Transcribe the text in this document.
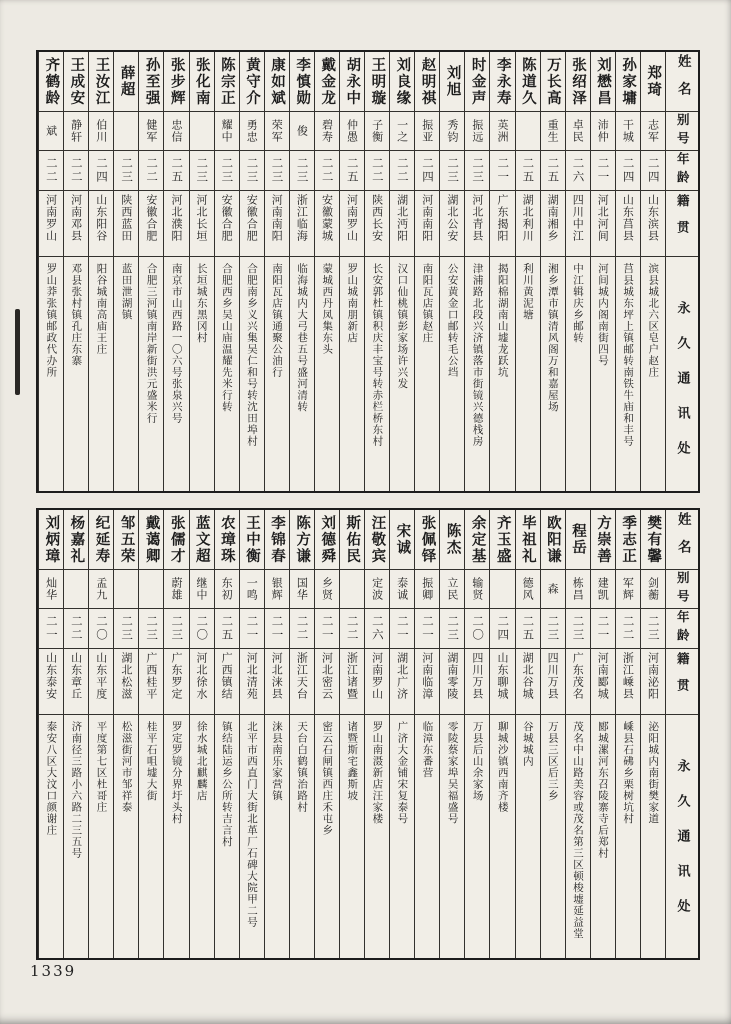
姓名
别号
年龄
籍贯
永久通讯处
郑琦
志军
二四
山东滨县
滨县城北六区皂户赵庄
孙家墉
干城
二四
山东莒县
莒县城东坪上镇邮转南铁牛庙和丰号
刘懋昌
沛仲
二一
河北河间
河间城内阁南街四号
张绍泽
卓民
二六
四川中江
中江辑庆乡邮转
万长高
重生
二五
湖南湘乡
湘乡潭市镇清风阁万和嘉屋场
陈道久
二五
湖北利川
利川黄泥塘
李永寿
英洲
二一
广东揭阳
揭阳棉湖南山墟龙跃坑
时金声
振远
二三
河北青县
津浦路北段兴济镇落市街镜兴德栈房
刘旭
秀钧
二三
湖北公安
公安黄金口邮转毛公垱
赵明祺
振亚
二四
河南南阳
南阳瓦店镇赵庄
刘良缘
一之
二二
湖北沔阳
汉口仙桃镇彭家场许兴发
王明璇
子衡
二二
陕西长安
长安郭杜镇积庆丰宝号转赤栏桥东村
胡永中
仲愚
二五
河南罗山
罗山城南朋新店
戴金龙
碧寿
二二
安徽蒙城
蒙城西丹凤集东头
李慎勋
俊
二三
浙江临海
临海城内大弓巷五号盛河清转
康如斌
荣军
二三
河南南阳
南阳瓦店镇通聚公油行
黄守介
勇忠
二三
安徽合肥
合肥南乡义兴集吴仁和号转沈田埠村
陈宗正
耀中
二三
安徽合肥
合肥西乡吴山庙温耀先米行转
张化南
二三
河北长垣
长垣城东黑冈村
张步辉
忠信
二五
河北濮阳
南京市山西路一〇六号张泉兴号
孙至强
健军
二二
安徽合肥
合肥三河镇南岸新街洪元盛米行
薛超
二三
陕西蓝田
蓝田泄湖镇
王汝江
伯川
二四
山东阳谷
阳谷城南高庙王庄
王成安
静轩
二二
河南邓县
邓县张村镇孔庄东寨
齐鹤龄
斌
二二
河南罗山
罗山莽张镇邮政代办所
姓名
别号
年龄
籍贯
永久通讯处
樊有馨
剑蘅
二三
河南泌阳
泌阳城内南街樊家道
季志正
军辉
二二
浙江嵊县
嵊县石砩乡栗树坑村
方崇善
建凯
二一
河南郾城
郾城漯河东召陵寨寺后郑村
程岳
栋昌
二三
广东茂名
茂名中山路美容或茂名第三区顿梭墟延益堂
欧阳谦
森
二三
四川万县
万县三区后三乡
毕祖礼
德风
二五
湖北谷城
谷城城内
齐玉盛
二四
山东聊城
聊城沙镇西南齐楼
余定基
输贤
二〇
四川万县
万县后山余家场
陈杰
立民
二三
湖南零陵
零陵蔡家埠吴福盛号
张佩铎
振卿
二一
河南临漳
临漳东番营
宋诚
泰诚
二一
湖北广济
广济大金铺宋复泰号
汪敬宾
定波
二六
河南罗山
罗山南滠新店汪家楼
斯佑民
二二
浙江诸暨
诸暨斯宅鑫斯坡
刘德舜
乡贤
二一
河北密云
密云石闸镇西庄禾屯乡
陈方谦
国华
二二
浙江天台
天台白鹤镇治路村
李锦春
银辉
二一
河北涞县
涞县南乐家营镇
王中衡
一鸣
二一
河北清苑
北平市西直门大街北革厂石碑大院甲二号
农璋珠
东初
二五
广西镇结
镇结陆运乡公所转吉言村
蓝文超
继中
二〇
河北徐水
徐水城北麒麟店
张儒才
蔚雄
二三
广东罗定
罗定罗镜分界圩头村
戴蔼卿
二三
广西桂平
桂平石咀墟大街
邹五荣
二三
湖北松滋
松滋街河市邹祥泰
纪延寿
孟九
二〇
山东平度
平度第七区杜哥庄
杨嘉礼
二二
山东章丘
济南径三路小六路二三五号
刘炳璋
灿华
二一
山东泰安
泰安八区大汶口颜谢庄
1339
